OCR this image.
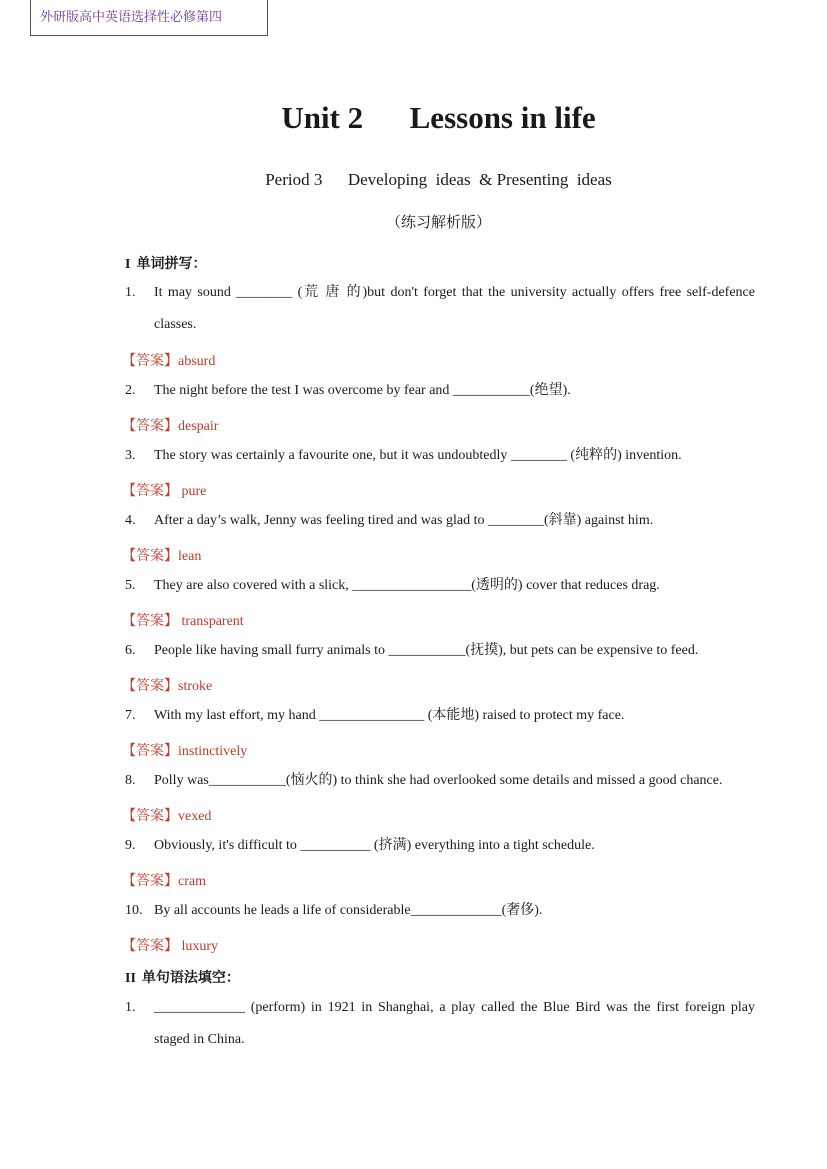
外研版高中英语选择性必修第四
Unit 2      Lessons in life
Period 3      Developing  ideas  & Presenting  ideas
（练习解析版）
I 单词拼写：
1. It may sound ________ (荒 唐 的)but don't forget that the university actually offers free self-defence classes.
【答案】absurd
2. The night before the test I was overcome by fear and ___________(绝望).
【答案】despair
3. The story was certainly a favourite one, but it was undoubtedly ________ (纯粹的) invention.
【答案】 pure
4. After a day’s walk, Jenny was feeling tired and was glad to ________(斜靠) against him.
【答案】lean
5. They are also covered with a slick, _________________(透明的) cover that reduces drag.
【答案】 transparent
6. People like having small furry animals to ___________(抚摸), but pets can be expensive to feed.
【答案】stroke
7. With my last effort, my hand _______________ (本能地) raised to protect my face.
【答案】instinctively
8. Polly was___________(恼火的) to think she had overlooked some details and missed a good chance.
【答案】vexed
9. Obviously, it's difficult to __________ (挤满) everything into a tight schedule.
【答案】cram
10. By all accounts he leads a life of considerable_____________(奢侈).
【答案】 luxury
II 单句语法填空：
1. _____________ (perform) in 1921 in Shanghai, a play called the Blue Bird was the first foreign play staged in China.
